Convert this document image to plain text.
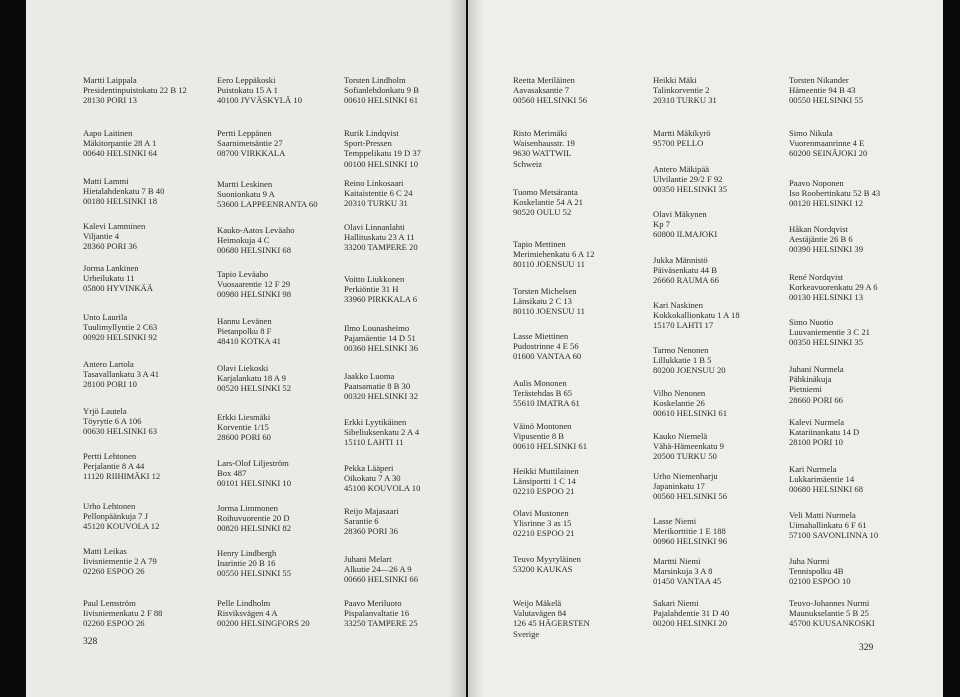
Martti Laippala
Presidentinpuistokatu 22 B 12
28130 PORI 13
Aapo Laitinen
Mäkitorpantie 28 A 1
00640 HELSINKI 64
Matti Lammi
Hietalahdenkatu 7 B 40
00180 HELSINKI 18
Kalevi Lamminen
Viljantie 4
28360 PORI 36
Jorma Lankinen
Urheilukatu 11
05800 HYVINKÄÄ
Unto Laurila
Tuulimyllyntie 2 C63
00920 HELSINKI 92
Antero Lartola
Tasavallankatu 3 A 41
28100 PORI 10
Yrjö Lautela
Töyrytie 6 A 106
00630 HELSINKI 63
Pertti Lehtonen
Perjalantie 8 A 44
11120 RIIHIMÄKI 12
Urho Lehtonen
Pellonpäänkuja 7 J
45120 KOUVOLA 12
Matti Leikas
Iivisniementie 2 A 79
02260 ESPOO 26
Paul Lemström
Iivisniemenkatu 2 F 88
02260 ESPOO 26
Eero Leppäkoski
Puistokatu 15 A 1
40100 JYVÄSKYLÄ 10
Pertti Leppänen
Saarnimetsäntie 27
08700 VIRKKALA
Martti Leskinen
Suonionkatu 9 A
53600 LAPPEENRANTA 60
Kauko-Aatos Leväaho
Heimokuja 4 C
00680 HELSINKI 68
Tapio Leväaho
Vuosaarentie 12 F 29
00980 HELSINKI 98
Hannu Levänen
Pietanpolku 8 F
48410 KOTKA 41
Olavi Liekoski
Karjalankatu 18 A 9
00520 HELSINKI 52
Erkki Liesmäki
Korventie 1/15
28600 PORI 60
Lars-Olof Liljeström
Box 487
00101 HELSINKI 10
Jorma Limmonen
Roihuvuorentie 20 D
00820 HELSINKI 82
Henry Lindbergh
Inarintie 20 B 16
00550 HELSINKI 55
Pelle Lindholm
Risviksvägen 4 A
00200 HELSINGFORS 20
Torsten Lindholm
Sofianlehdonkatu 9 B
00610 HELSINKI 61
Rurik Lindqvist
Sport-Pressen
Temppelikatu 19 D 37
00100 HELSINKI 10
Reino Linkosaari
Kaitaistentie 6 C 24
20310 TURKU 31
Olavi Linnanlahti
Hallituskatu 23 A 11
33200 TAMPERE 20
Voitto Liukkonen
Perkiöntie 31 H
33960 PIRKKALA 6
Ilmo Lounasheimo
Pajamäentie 14 D 51
00360 HELSINKI 36
Jaakko Luoma
Paatsamatie 8 B 30
00320 HELSINKI 32
Erkki Lyytikäinen
Sibeliuksenkatu 2 A 4
15110 LAHTI 11
Pekka Lääperi
Oikokatu 7 A 30
45100 KOUVOLA 10
Reijo Majasaari
Sarantie 6
28360 PORI 36
Juhani Melart
Alkutie 24—26 A 9
00660 HELSINKI 66
Paavo Meriluoto
Pispalanvaltatie 16
33250 TAMPERE 25
328
Reetta Meriläinen
Aavasaksantie 7
00560 HELSINKI 56
Risto Merimäki
Waisenhausstr. 19
9630 WATTWIL
Schweiz
Tuomo Metsäranta
Koskelantie 54 A 21
90520 OULU 52
Tapio Mettinen
Merimiehenkatu 6 A 12
80110 JOENSUU 11
Torsten Michelsen
Länsikatu 2 C 13
80110 JOENSUU 11
Lasse Miettinen
Pudostrinne 4 E 56
01600 VANTAA 60
Aulis Mononen
Terästehdas B 65
55610 IMATRA 61
Väinö Montonen
Vipusentie 8 B
00610 HELSINKI 61
Heikki Muttilainen
Länsiportti 1 C 14
02210 ESPOO 21
Olavi Mustonen
Ylisrinne 3 as 15
02210 ESPOO 21
Teuvo Myyryläinen
53200 KAUKAS
Weijo Mäkelä
Valutavägen 84
126 45 HÄGERSTEN
Sverige
Heikki Mäki
Talinkorventie 2
20310 TURKU 31
Martti Mäkikyrö
95700 PELLO
Antero Mäkipää
Ulvilantie 29/2 F 92
00350 HELSINKI 35
Olavi Mäkynen
Kp 7
60800 ILMAJOKI
Jukka Männistö
Päiväsenkatu 44 B
26660 RAUMA 66
Kari Naskinen
Kokkokallionkatu 1 A 18
15170 LAHTI 17
Tarmo Nenonen
Lillukkatie 1 B 5
80200 JOENSUU 20
Vilho Nenonen
Koskelantie 26
00610 HELSINKI 61
Kauko Niemelä
Vähä-Hämeenkatu 9
20500 TURKU 50
Urho Niemenharju
Japaninkatu 17
00560 HELSINKI 56
Lasse Niemi
Merikorttitie 1 E 188
00960 HELSINKI 96
Marttti Niemi
Marsinkuja 3 A 8
01450 VANTAA 45
Sakari Niemi
Pajalahdentie 31 D 40
00200 HELSINKI 20
Torsten Nikander
Hämeentie 94 B 43
00550 HELSINKI 55
Simo Nikula
Vuorenmaanrinne 4 E
60200 SEINÄJOKI 20
Paavo Noponen
Iso Roobertinkatu 52 B 43
00120 HELSINKI 12
Håkan Nordqvist
Aestäjäntie 26 B 6
00390 HELSINKI 39
René Nordqvist
Korkeavuorenkatu 29 A 6
00130 HELSINKI 13
Simo Nuotio
Luuvaniementie 3 C 21
00350 HELSINKI 35
Juhani Nurmela
Pähkinäkuja
Pietniemi
28660 PORI 66
Kalevi Nurmela
Katariinankatu 14 D
28100 PORI 10
Kari Nurmela
Lukkarimäentie 14
00680 HELSINKI 68
Veli Matti Nurmela
Uimahallinkatu 6 F 61
57100 SAVONLINNA 10
Juha Nurmi
Tennispolku 4B
02100 ESPOO 10
Teuvo-Johannes Nurmi
Maunukselantie 5 B 25
45700 KUUSANKOSKI
329
